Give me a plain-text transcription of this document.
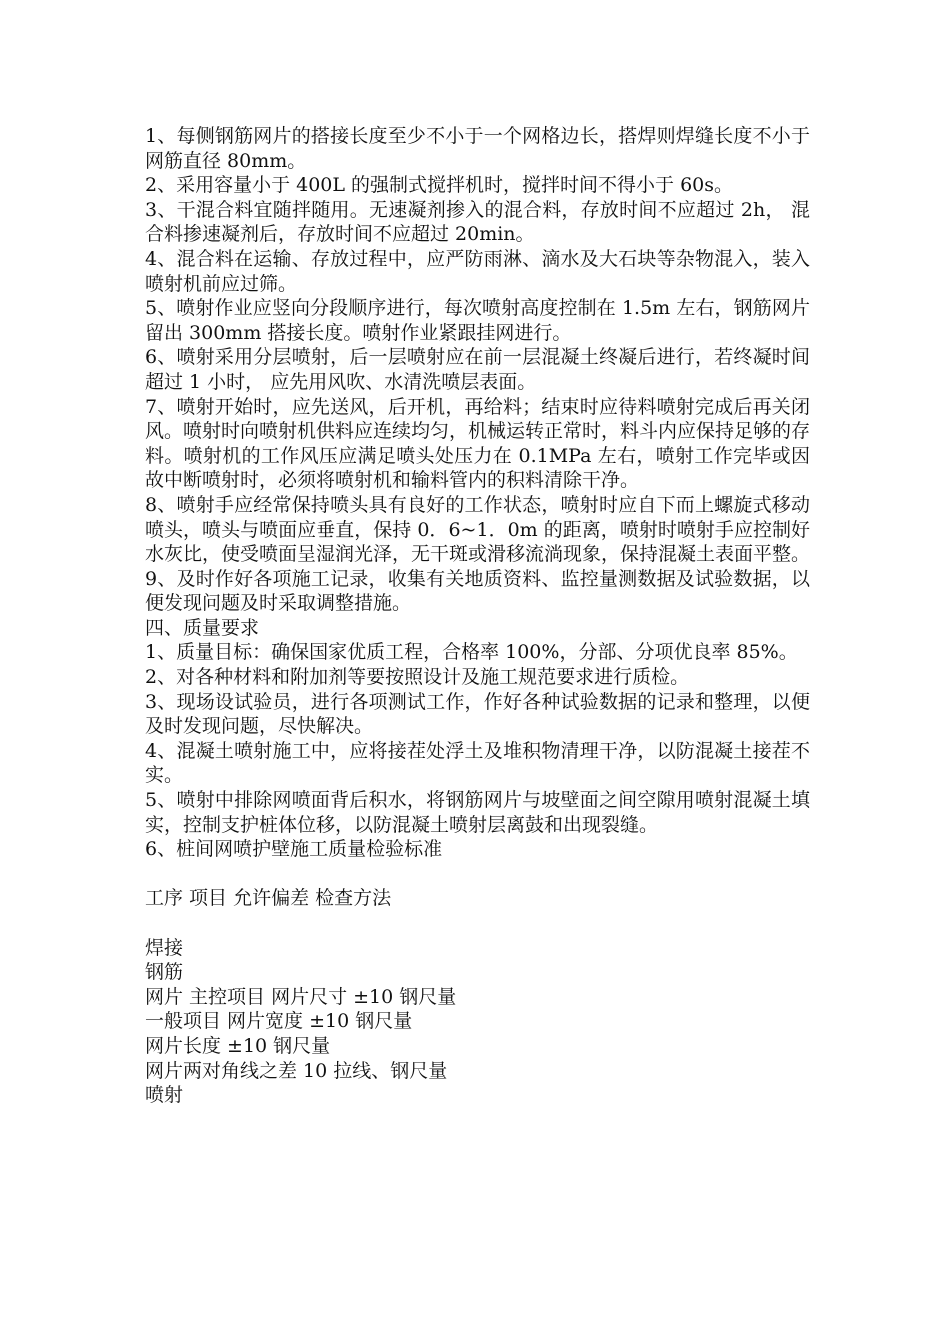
1、每侧钢筋网片的搭接长度至少不小于一个网格边长，搭焊则焊缝长度不小于网筋直径 80mm。

2、采用容量小于 400L 的强制式搅拌机时，搅拌时间不得小于 60s。

3、干混合料宜随拌随用。无速凝剂掺入的混合料，存放时间不应超过 2h， 混合料掺速凝剂后，存放时间不应超过 20min。

4、混合料在运输、存放过程中，应严防雨淋、滴水及大石块等杂物混入，装入喷射机前应过筛。

5、喷射作业应竖向分段顺序进行，每次喷射高度控制在 1.5m 左右，钢筋网片留出 300mm 搭接长度。喷射作业紧跟挂网进行。

6、喷射采用分层喷射，后一层喷射应在前一层混凝土终凝后进行，若终凝时间超过 1 小时， 应先用风吹、水清洗喷层表面。

7、喷射开始时，应先送风，后开机，再给料；结束时应待料喷射完成后再关闭风。喷射时向喷射机供料应连续均匀，机械运转正常时，料斗内应保持足够的存料。喷射机的工作风压应满足喷头处压力在 0.1MPa 左右，喷射工作完毕或因故中断喷射时，必须将喷射机和输料管内的积料清除干净。

8、喷射手应经常保持喷头具有良好的工作状态，喷射时应自下而上螺旋式移动喷头，喷头与喷面应垂直，保持 0．6~1．0m 的距离，喷射时喷射手应控制好水灰比，使受喷面呈湿润光泽，无干斑或滑移流淌现象，保持混凝土表面平整。

9、及时作好各项施工记录，收集有关地质资料、监控量测数据及试验数据，以便发现问题及时采取调整措施。

四、质量要求

1、质量目标：确保国家优质工程，合格率 100%，分部、分项优良率 85%。

2、对各种材料和附加剂等要按照设计及施工规范要求进行质检。

3、现场设试验员，进行各项测试工作，作好各种试验数据的记录和整理，以便及时发现问题，尽快解决。

4、混凝土喷射施工中，应将接茬处浮土及堆积物清理干净，以防混凝土接茬不实。

5、喷射中排除网喷面背后积水，将钢筋网片与坡壁面之间空隙用喷射混凝土填实，控制支护桩体位移，以防混凝土喷射层离鼓和出现裂缝。

6、桩间网喷护壁施工质量检验标准

工序 项目 允许偏差 检查方法

焊接

钢筋

网片 主控项目 网片尺寸 ±10 钢尺量

一般项目 网片宽度 ±10 钢尺量

网片长度 ±10 钢尺量

网片两对角线之差 10 拉线、钢尺量

喷射
